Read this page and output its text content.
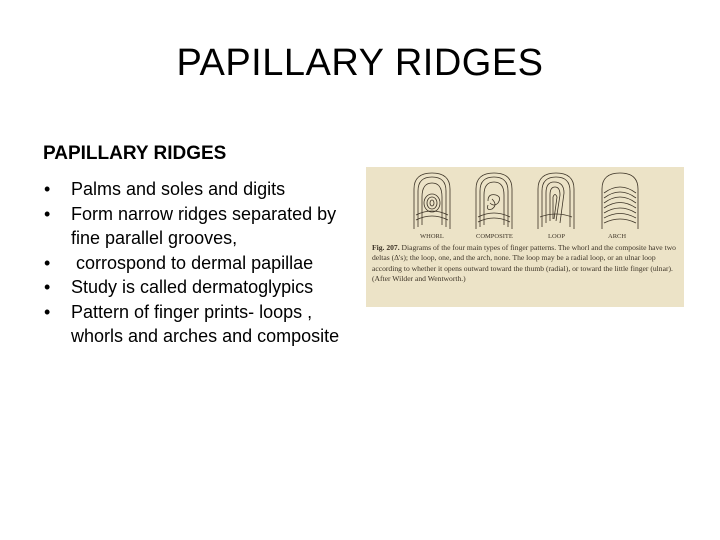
PAPILLARY RIDGES
PAPILLARY RIDGES
• Palms and soles and digits
• Form narrow ridges separated by fine parallel grooves,
• corrospond to dermal papillae
• Study is called dermatoglypics
• Pattern of finger prints- loops , whorls and arches and composite
WHORL	COMPOSITE	LOOP	ARCH
Fig. 207. Diagrams of the four main types of finger patterns. The whorl and the composite have two deltas (Δ's); the loop, one, and the arch, none. The loop may be a radial loop, or an ulnar loop according to whether it opens outward toward the thumb (radial), or toward the little finger (ulnar). (After Wilder and Wentworth.)
